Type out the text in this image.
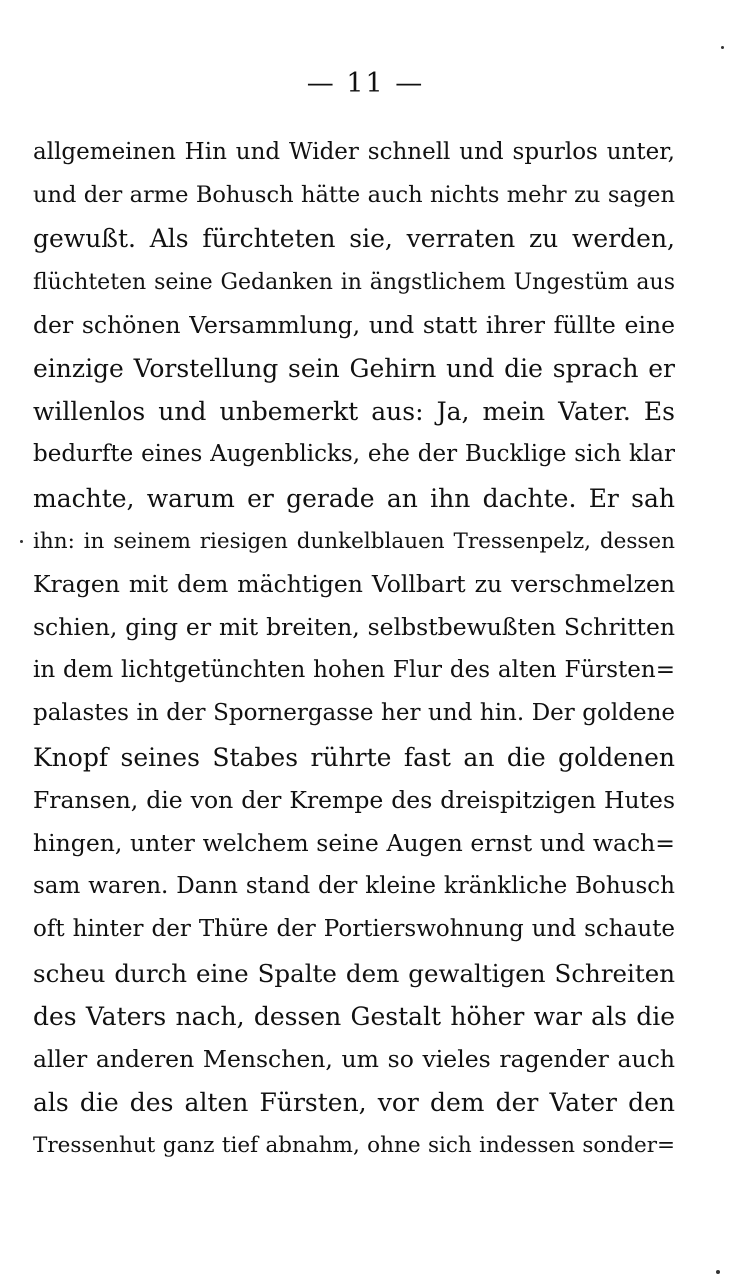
— 11 —
allgemeinen Hin und Wider schnell und spurlos unter,
und der arme Bohusch hätte auch nichts mehr zu sagen
gewußt. Als fürchteten sie, verraten zu werden,
flüchteten seine Gedanken in ängstlichem Ungestüm aus
der schönen Versammlung, und statt ihrer füllte eine
einzige Vorstellung sein Gehirn und die sprach er
willenlos und unbemerkt aus: Ja, mein Vater. Es
bedurfte eines Augenblicks, ehe der Bucklige sich klar
machte, warum er gerade an ihn dachte. Er sah
ihn: in seinem riesigen dunkelblauen Tressenpelz, dessen
Kragen mit dem mächtigen Vollbart zu verschmelzen
schien, ging er mit breiten, selbstbewußten Schritten
in dem lichtgetünchten hohen Flur des alten Fürsten=
palastes in der Spornergasse her und hin. Der goldene
Knopf seines Stabes rührte fast an die goldenen
Fransen, die von der Krempe des dreispitzigen Hutes
hingen, unter welchem seine Augen ernst und wach=
sam waren. Dann stand der kleine kränkliche Bohusch
oft hinter der Thüre der Portierswohnung und schaute
scheu durch eine Spalte dem gewaltigen Schreiten
des Vaters nach, dessen Gestalt höher war als die
aller anderen Menschen, um so vieles ragender auch
als die des alten Fürsten, vor dem der Vater den
Tressenhut ganz tief abnahm, ohne sich indessen sonder=
